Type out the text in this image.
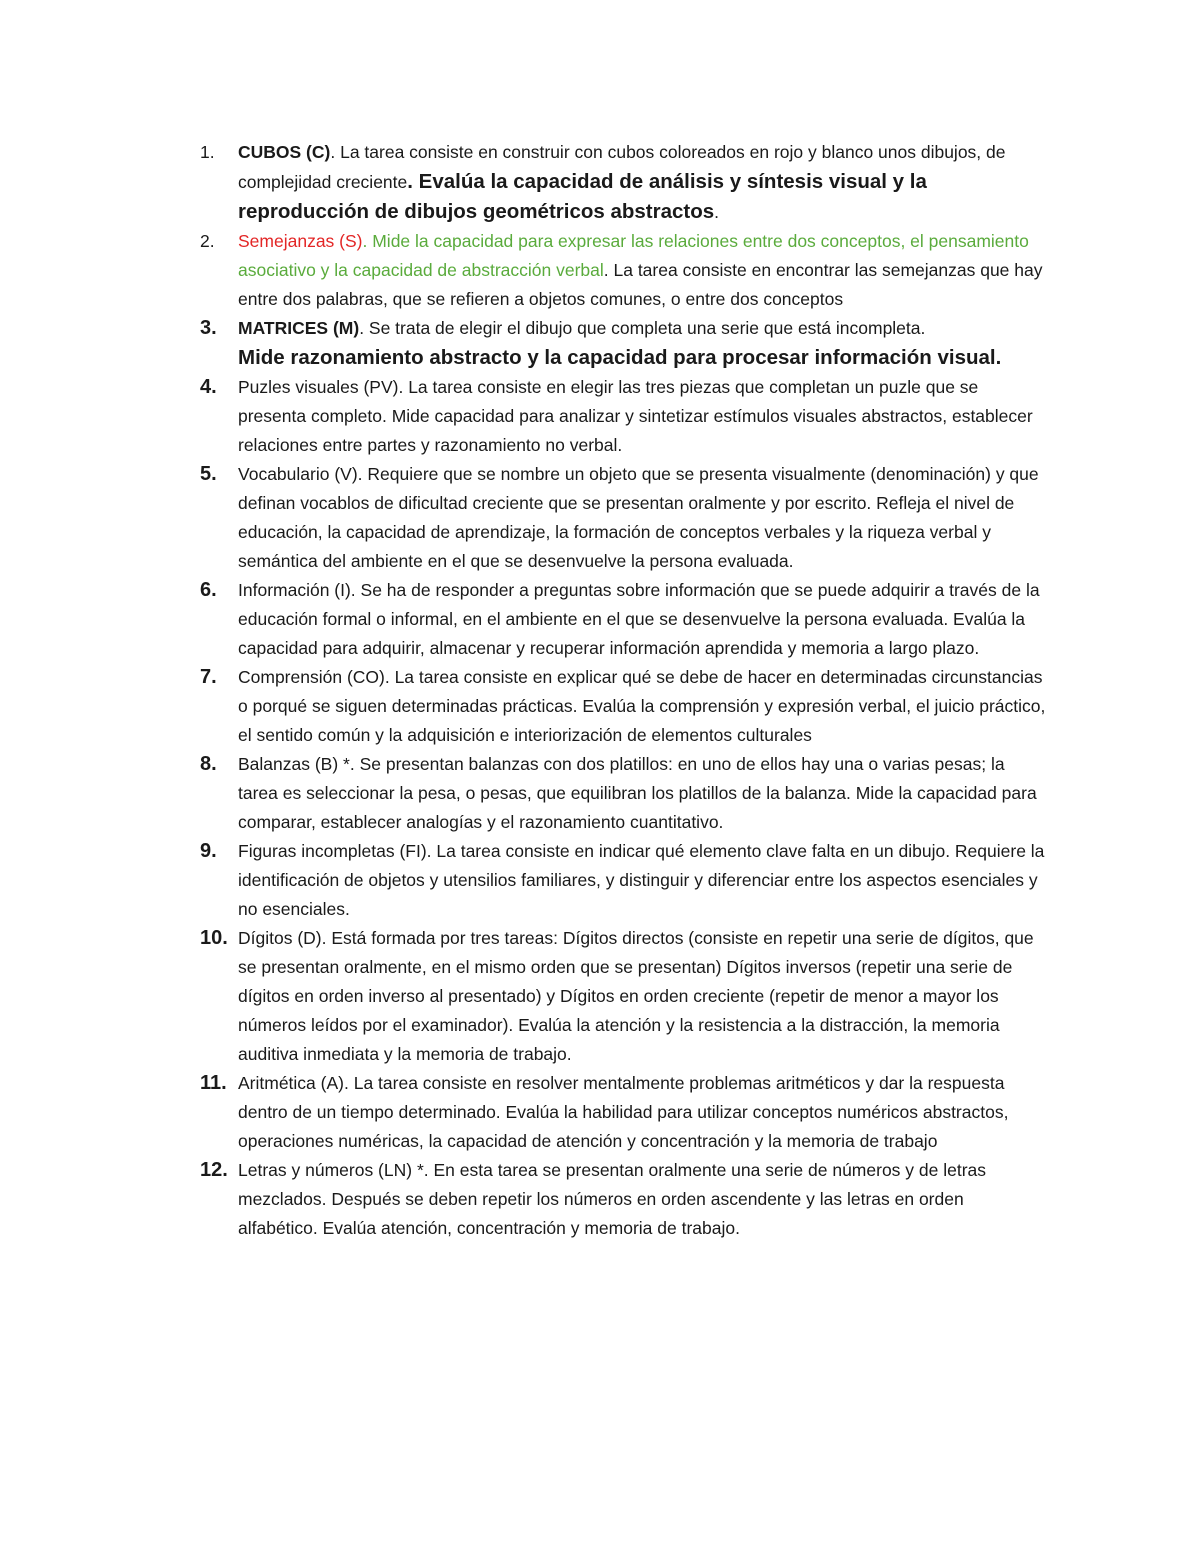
1. CUBOS (C). La tarea consiste en construir con cubos coloreados en rojo y blanco unos dibujos, de complejidad creciente. Evalúa la capacidad de análisis y síntesis visual y la reproducción de dibujos geométricos abstractos.
2. Semejanzas (S). Mide la capacidad para expresar las relaciones entre dos conceptos, el pensamiento asociativo y la capacidad de abstracción verbal. La tarea consiste en encontrar las semejanzas que hay entre dos palabras, que se refieren a objetos comunes, o entre dos conceptos
3. MATRICES (M). Se trata de elegir el dibujo que completa una serie que está incompleta.
Mide razonamiento abstracto y la capacidad para procesar información visual.
4. Puzles visuales (PV). La tarea consiste en elegir las tres piezas que completan un puzle que se presenta completo. Mide capacidad para analizar y sintetizar estímulos visuales abstractos, establecer relaciones entre partes y razonamiento no verbal.
5. Vocabulario (V). Requiere que se nombre un objeto que se presenta visualmente (denominación) y que definan vocablos de dificultad creciente que se presentan oralmente y por escrito. Refleja el nivel de educación, la capacidad de aprendizaje, la formación de conceptos verbales y la riqueza verbal y semántica del ambiente en el que se desenvuelve la persona evaluada.
6. Información (I). Se ha de responder a preguntas sobre información que se puede adquirir a través de la educación formal o informal, en el ambiente en el que se desenvuelve la persona evaluada. Evalúa la capacidad para adquirir, almacenar y recuperar información aprendida y memoria a largo plazo.
7. Comprensión (CO). La tarea consiste en explicar qué se debe de hacer en determinadas circunstancias o porqué se siguen determinadas prácticas. Evalúa la comprensión y expresión verbal, el juicio práctico, el sentido común y la adquisición e interiorización de elementos culturales
8. Balanzas (B) *. Se presentan balanzas con dos platillos: en uno de ellos hay una o varias pesas; la tarea es seleccionar la pesa, o pesas, que equilibran los platillos de la balanza. Mide la capacidad para comparar, establecer analogías y el razonamiento cuantitativo.
9. Figuras incompletas (FI). La tarea consiste en indicar qué elemento clave falta en un dibujo. Requiere la identificación de objetos y utensilios familiares, y distinguir y diferenciar entre los aspectos esenciales y no esenciales.
10. Dígitos (D). Está formada por tres tareas: Dígitos directos (consiste en repetir una serie de dígitos, que se presentan oralmente, en el mismo orden que se presentan) Dígitos inversos (repetir una serie de dígitos en orden inverso al presentado) y Dígitos en orden creciente (repetir de menor a mayor los números leídos por el examinador). Evalúa la atención y la resistencia a la distracción, la memoria auditiva inmediata y la memoria de trabajo.
11. Aritmética (A). La tarea consiste en resolver mentalmente problemas aritméticos y dar la respuesta dentro de un tiempo determinado. Evalúa la habilidad para utilizar conceptos numéricos abstractos, operaciones numéricas, la capacidad de atención y concentración y la memoria de trabajo
12. Letras y números (LN) *. En esta tarea se presentan oralmente una serie de números y de letras mezclados. Después se deben repetir los números en orden ascendente y las letras en orden alfabético. Evalúa atención, concentración y memoria de trabajo.
